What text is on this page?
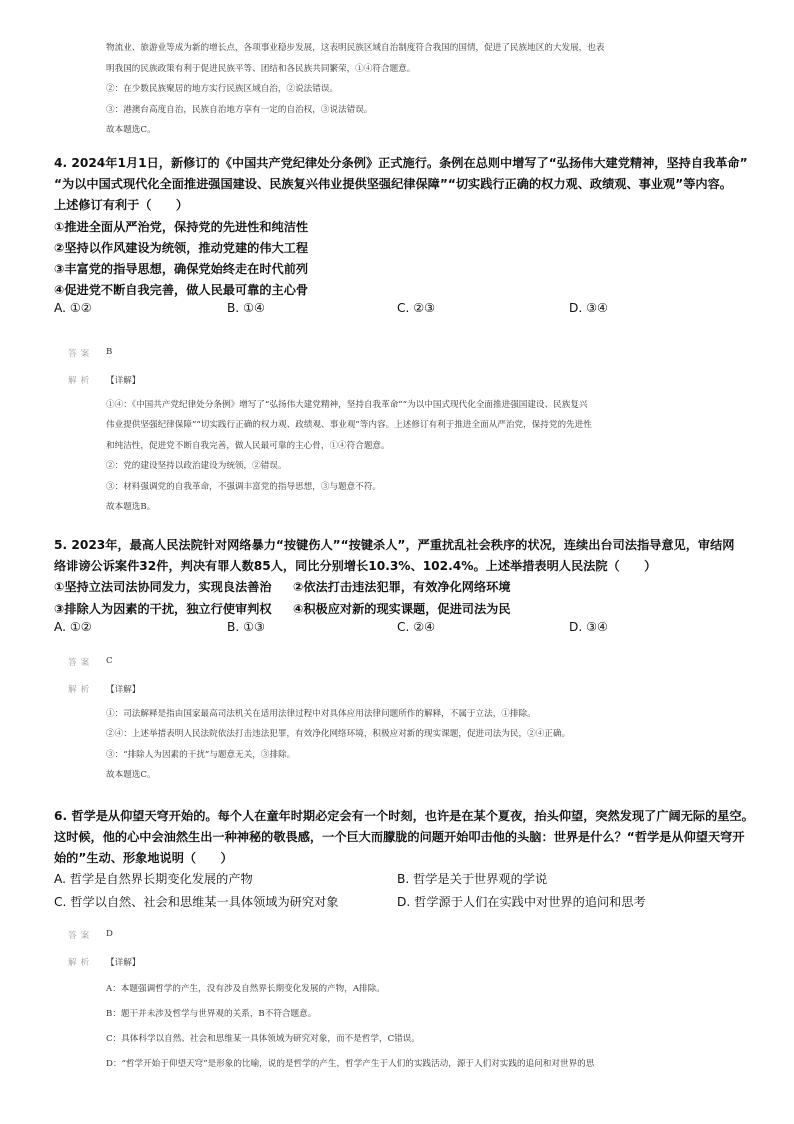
物流业、旅游业等成为新的增长点，各项事业稳步发展，这表明民族区域自治制度符合我国的国情，促进了民族地区的大发展，也表
明我国的民族政策有利于促进民族平等、团结和各民族共同繁荣，①④符合题意。
②：在少数民族聚居的地方实行民族区域自治，②说法错误。
③：港澳台高度自治，民族自治地方享有一定的自治权，③说法错误。
故本题选C。
4. 2024年1月1日，新修订的《中国共产党纪律处分条例》正式施行。条例在总则中增写了“弘扬伟大建党精神，坚持自我革命”
“为以中国式现代化全面推进强国建设、民族复兴伟业提供坚强纪律保障”“切实践行正确的权力观、政绩观、事业观”等内容。
上述修订有利于（　　）
①推进全面从严治党，保持党的先进性和纯洁性
②坚持以作风建设为统领，推动党建的伟大工程
③丰富党的指导思想，确保党始终走在时代前列
④促进党不断自我完善，做人民最可靠的主心骨
A. ①②	B. ①④	C. ②③	D. ③④
答案 B
解析 【详解】
①④：《中国共产党纪律处分条例》增写了“弘扬伟大建党精神，坚持自我革命”“为以中国式现代化全面推进强国建设、民族复兴
伟业提供坚强纪律保障”“切实践行正确的权力观、政绩观、事业观”等内容。上述修订有利于推进全面从严治党，保持党的先进性
和纯洁性，促进党不断自我完善，做人民最可靠的主心骨，①④符合题意。
②：党的建设坚持以政治建设为统领，②错误。
③：材料强调党的自我革命，不强调丰富党的指导思想，③与题意不符。
故本题选B。
5. 2023年，最高人民法院针对网络暴力“按键伤人”“按键杀人”，严重扰乱社会秩序的状况，连续出台司法指导意见，审结网
络诽谤公诉案件32件，判决有罪人数85人，同比分别增长10.3%、102.4%。上述举措表明人民法院（　　）
①坚持立法司法协同发力，实现良法善治 ②依法打击违法犯罪，有效净化网络环境
③排除人为因素的干扰，独立行使审判权 ④积极应对新的现实课题，促进司法为民
A. ①②	B. ①③	C. ②④	D. ③④
答案 C
解析 【详解】
①：司法解释是指由国家最高司法机关在适用法律过程中对具体应用法律问题所作的解释，不属于立法，①排除。
②④：上述举措表明人民法院依法打击违法犯罪，有效净化网络环境，积极应对新的现实课题，促进司法为民，②④正确。
③：“排除人为因素的干扰”与题意无关，③排除。
故本题选C。
6. 哲学是从仰望天穹开始的。每个人在童年时期必定会有一个时刻，也许是在某个夏夜，抬头仰望，突然发现了广阔无际的星空。
这时候，他的心中会油然生出一种神秘的敬畏感，一个巨大而朦胧的问题开始叩击他的头脑：世界是什么？“哲学是从仰望天穹开
始的”生动、形象地说明（　　）
A. 哲学是自然界长期变化发展的产物	B. 哲学是关于世界观的学说
C. 哲学以自然、社会和思维某一具体领域为研究对象	D. 哲学源于人们在实践中对世界的追问和思考
答案 D
解析 【详解】
A：本题强调哲学的产生，没有涉及自然界长期变化发展的产物，A排除。
B：题干并未涉及哲学与世界观的关系，B不符合题意。
C：具体科学以自然、社会和思维某一具体领域为研究对象，而不是哲学，C错误。
D：“哲学开始于仰望天穹”是形象的比喻，说的是哲学的产生，哲学产生于人们的实践活动，源于人们对实践的追问和对世界的思
